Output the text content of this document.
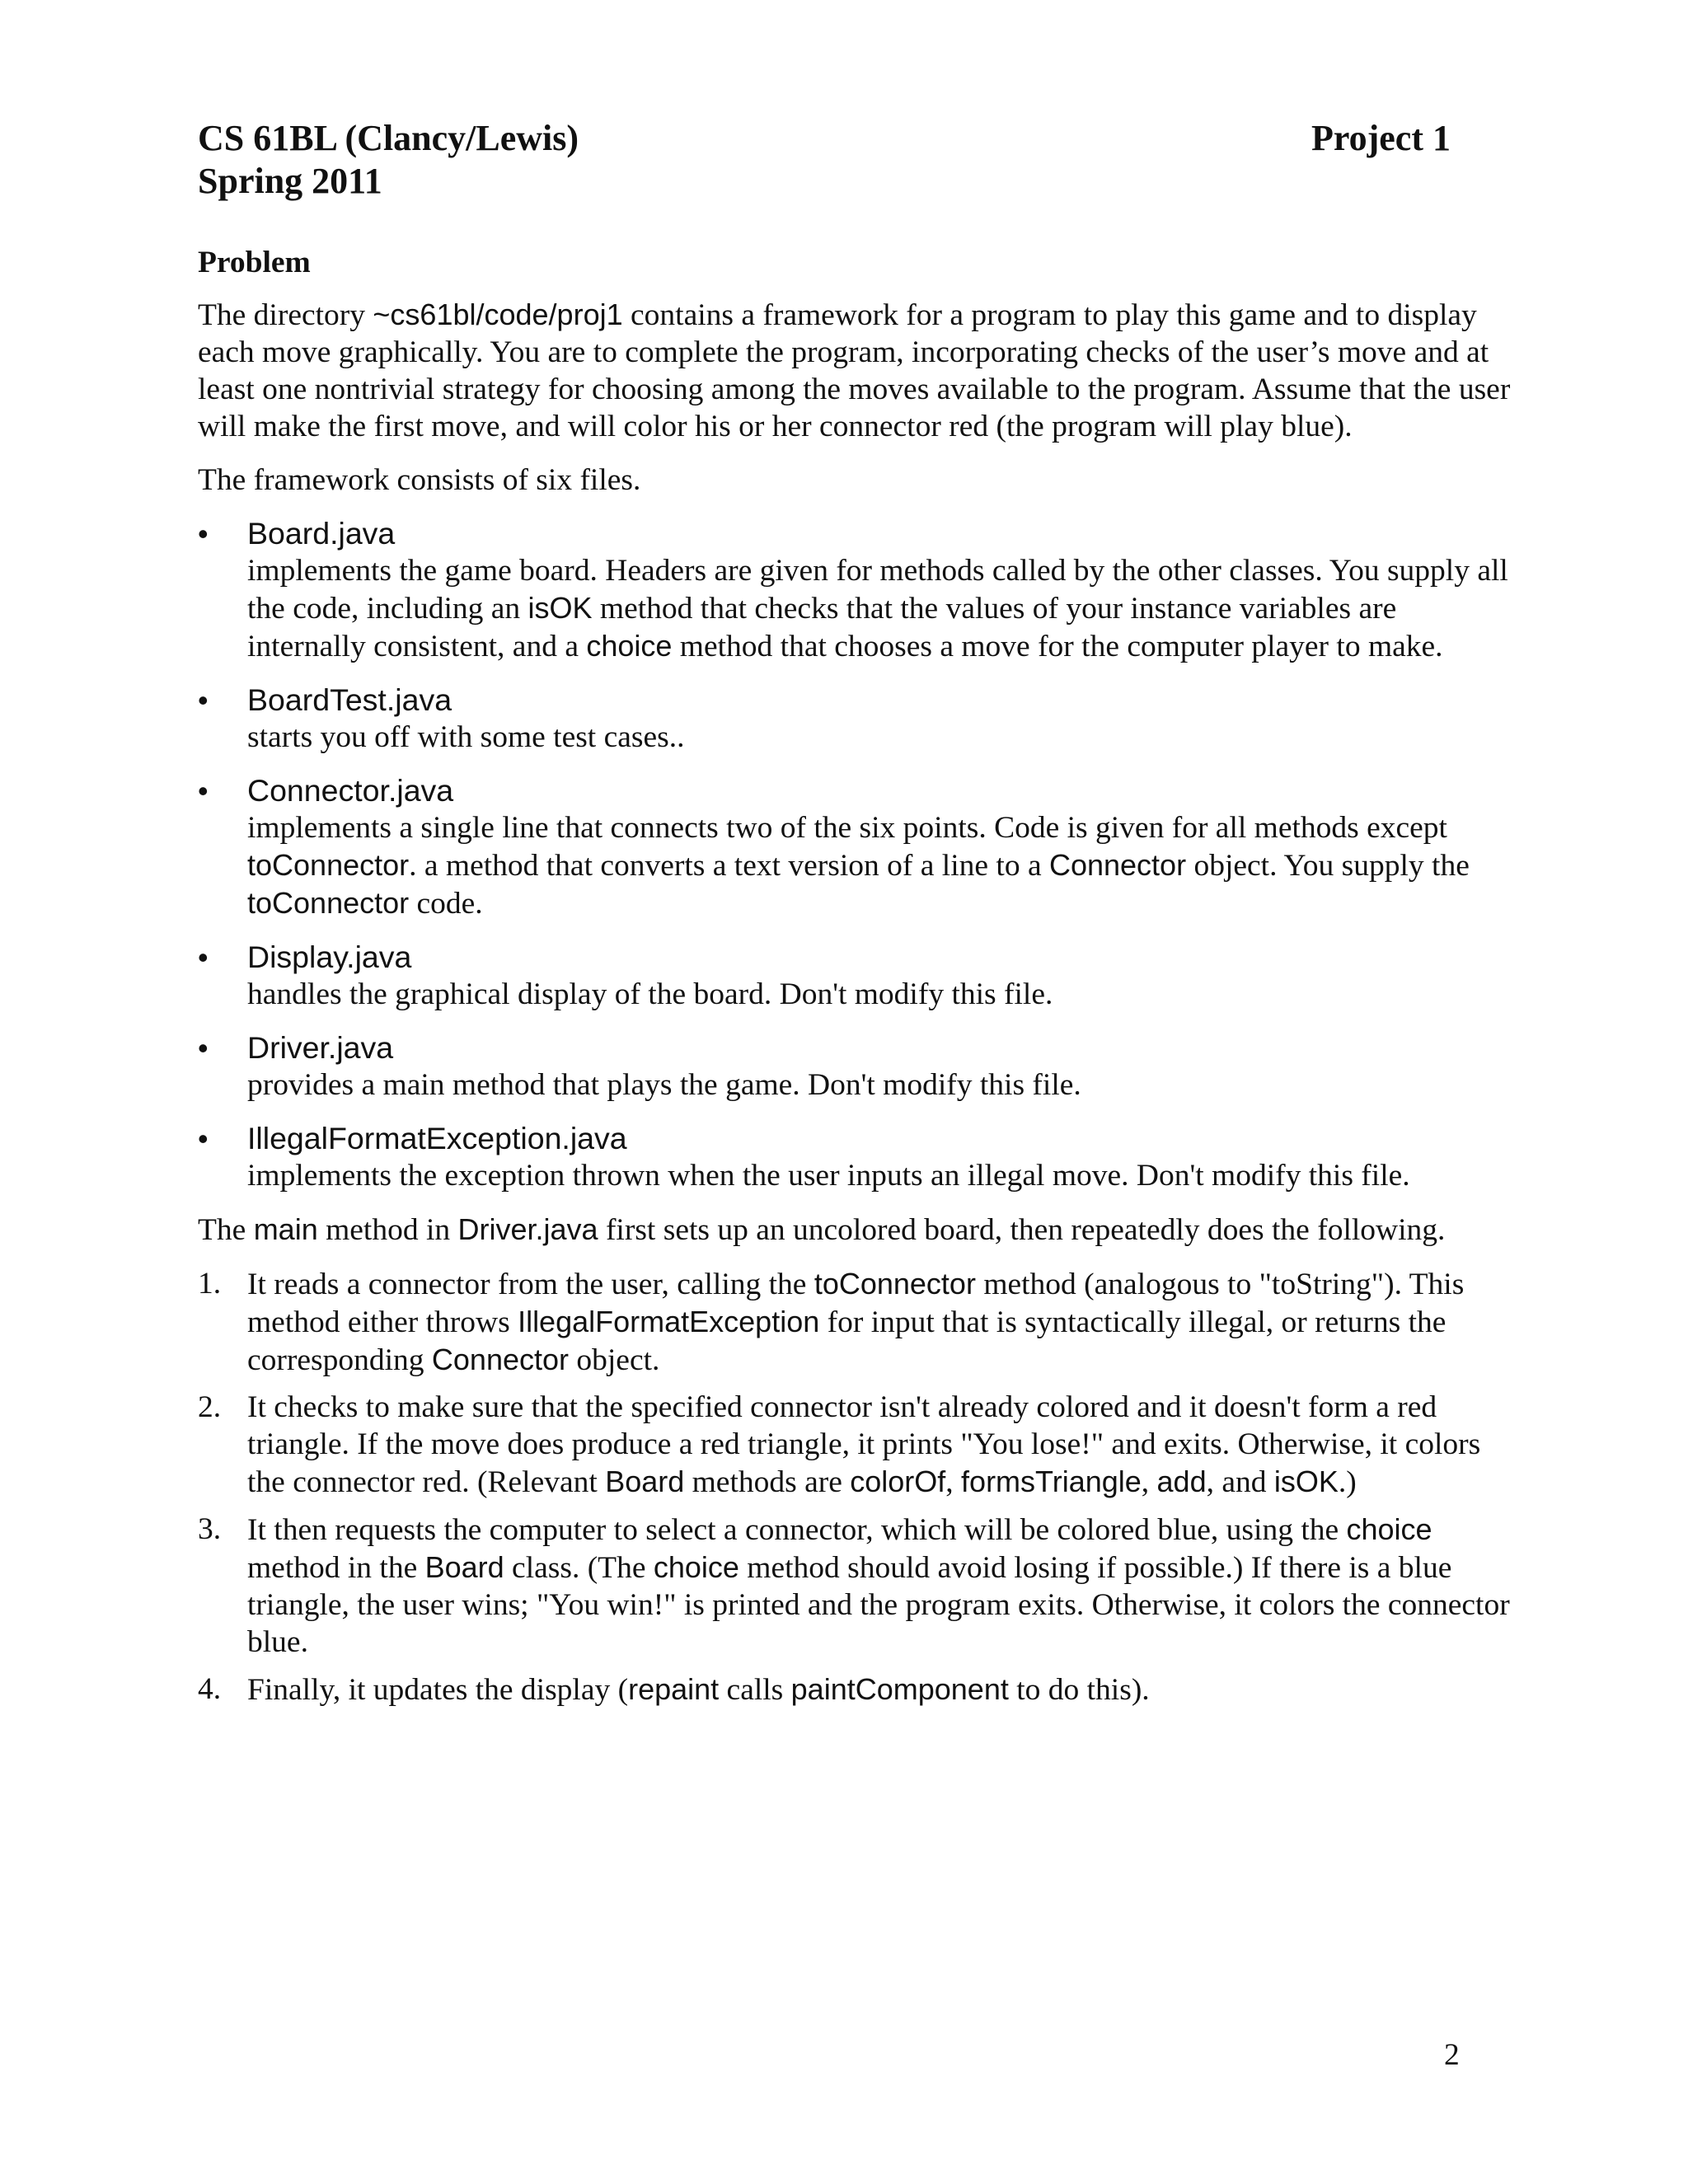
CS 61BL (Clancy/Lewis)	Project 1
Spring 2011
Problem

The directory ~cs61bl/code/proj1 contains a framework for a program to play this game and to display each move graphically. You are to complete the program, incorporating checks of the user’s move and at least one nontrivial strategy for choosing among the moves available to the program. Assume that the user will make the first move, and will color his or her connector red (the program will play blue).

The framework consists of six files.

• Board.java
implements the game board. Headers are given for methods called by the other classes. You supply all the code, including an isOK method that checks that the values of your instance variables are internally consistent, and a choice method that chooses a move for the computer player to make.
• BoardTest.java
starts you off with some test cases..
• Connector.java
implements a single line that connects two of the six points. Code is given for all methods except toConnector. a method that converts a text version of a line to a Connector object. You supply the toConnector code.
• Display.java
handles the graphical display of the board. Don't modify this file.
• Driver.java
provides a main method that plays the game. Don't modify this file.
• IllegalFormatException.java
implements the exception thrown when the user inputs an illegal move. Don't modify this file.

The main method in Driver.java first sets up an uncolored board, then repeatedly does the following.

1. It reads a connector from the user, calling the toConnector method (analogous to "toString"). This method either throws IllegalFormatException for input that is syntactically illegal, or returns the corresponding Connector object.
2. It checks to make sure that the specified connector isn't already colored and it doesn't form a red triangle. If the move does produce a red triangle, it prints "You lose!" and exits. Otherwise, it colors the connector red. (Relevant Board methods are colorOf, formsTriangle, add, and isOK.)
3. It then requests the computer to select a connector, which will be colored blue, using the choice method in the Board class. (The choice method should avoid losing if possible.) If there is a blue triangle, the user wins; "You win!" is printed and the program exits. Otherwise, it colors the connector blue.
4. Finally, it updates the display (repaint calls paintComponent to do this).
2
